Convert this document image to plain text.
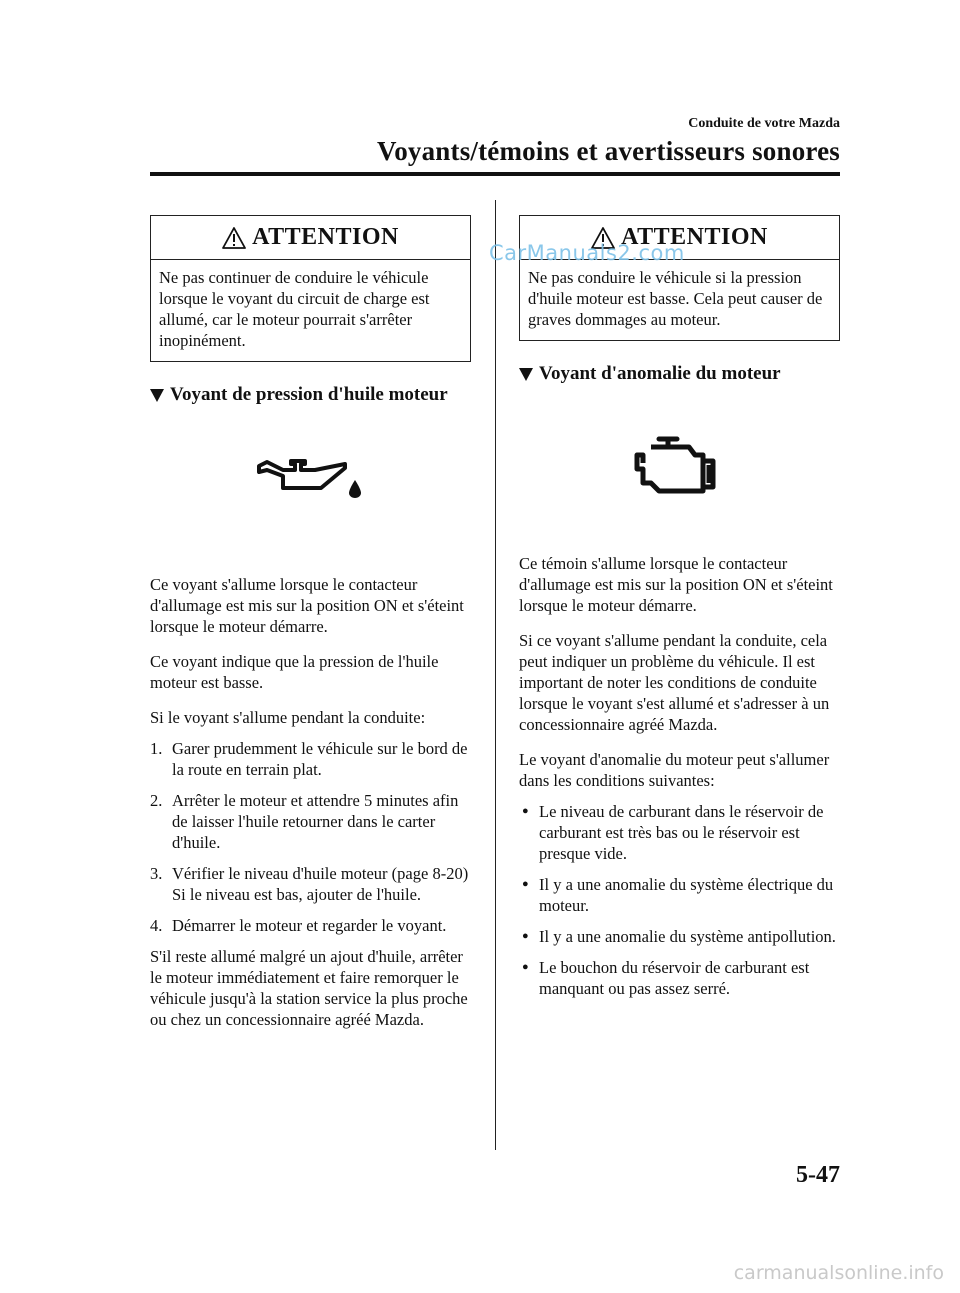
Conduite de votre Mazda
Voyants/témoins et avertisseurs sonores
ATTENTION
Ne pas continuer de conduire le véhicule lorsque le voyant du circuit de charge est allumé, car le moteur pourrait s'arrêter inopinément.
Voyant de pression d'huile moteur

Ce voyant s'allume lorsque le contacteur d'allumage est mis sur la position ON et s'éteint lorsque le moteur démarre.

Ce voyant indique que la pression de l'huile moteur est basse.

Si le voyant s'allume pendant la conduite:

1. Garer prudemment le véhicule sur le bord de la route en terrain plat.
2. Arrêter le moteur et attendre 5 minutes afin de laisser l'huile retourner dans le carter d'huile.
3. Vérifier le niveau d'huile moteur (page 8-20) Si le niveau est bas, ajouter de l'huile.
4. Démarrer le moteur et regarder le voyant.

S'il reste allumé malgré un ajout d'huile, arrêter le moteur immédiatement et faire remorquer le véhicule jusqu'à la station service la plus proche ou chez un concessionnaire agréé Mazda.

ATTENTION
Ne pas conduire le véhicule si la pression d'huile moteur est basse. Cela peut causer de graves dommages au moteur.
Voyant d'anomalie du moteur

Ce témoin s'allume lorsque le contacteur d'allumage est mis sur la position ON et s'éteint lorsque le moteur démarre.

Si ce voyant s'allume pendant la conduite, cela peut indiquer un problème du véhicule. Il est important de noter les conditions de conduite lorsque le voyant s'est allumé et s'adresser à un concessionnaire agréé Mazda.

Le voyant d'anomalie du moteur peut s'allumer dans les conditions suivantes:

● Le niveau de carburant dans le réservoir de carburant est très bas ou le réservoir est presque vide.
● Il y a une anomalie du système électrique du moteur.
● Il y a une anomalie du système antipollution.
● Le bouchon du réservoir de carburant est manquant ou pas assez serré.
CarManuals2.com
5-47
carmanualsonline.info
